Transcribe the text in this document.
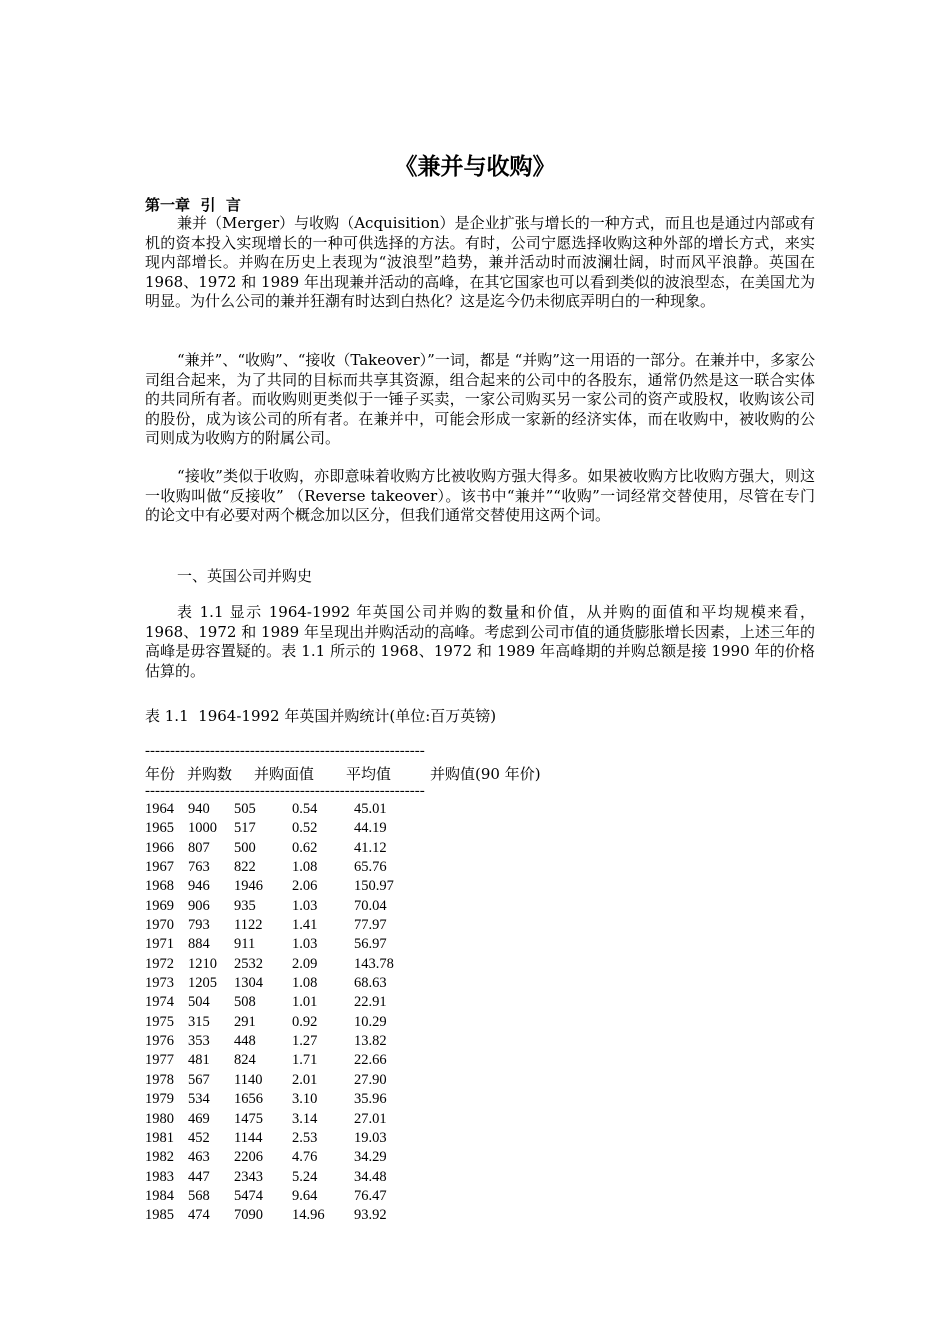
《兼并与收购》
第一章  引  言

兼并（Merger）与收购（Acquisition）是企业扩张与增长的一种方式，而且也是通过内部或有机的资本投入实现增长的一种可供选择的方法。有时，公司宁愿选择收购这种外部的增长方式，来实现内部增长。并购在历史上表现为“波浪型”趋势，兼并活动时而波澜壮阔，时而风平浪静。英国在 1968、1972 和 1989 年出现兼并活动的高峰，在其它国家也可以看到类似的波浪型态，在美国尤为明显。为什么公司的兼并狂潮有时达到白热化？这是迄今仍未彻底弄明白的一种现象。

“兼并”、“收购”、“接收（Takeover）”一词，都是 “并购”这一用语的一部分。在兼并中，多家公司组合起来，为了共同的目标而共享其资源，组合起来的公司中的各股东，通常仍然是这一联合实体的共同所有者。而收购则更类似于一锤子买卖，一家公司购买另一家公司的资产或股权，收购该公司的股份，成为该公司的所有者。在兼并中，可能会形成一家新的经济实体，而在收购中，被收购的公司则成为收购方的附属公司。

“接收”类似于收购，亦即意味着收购方比被收购方强大得多。如果被收购方比收购方强大，则这一收购叫做“反接收” （Reverse takeover）。该书中“兼并”“收购”一词经常交替使用，尽管在专门的论文中有必要对两个概念加以区分，但我们通常交替使用这两个词。

一、英国公司并购史

表 1.1 显示 1964-1992 年英国公司并购的数量和价值，从并购的面值和平均规模来看，1968、1972 和 1989 年呈现出并购活动的高峰。考虑到公司市值的通货膨胀增长因素，上述三年的高峰是毋容置疑的。表 1.1 所示的 1968、1972 和 1989 年高峰期的并购总额是接 1990 年的价格估算的。

表 1.1  1964-1992 年英国并购统计(单位:百万英镑)
--------------------------------------------------------
年份 并购数 并购面值 平均值	并购值(90 年价)
--------------------------------------------------------
1964 940 505	0.54	45.01
1965 1000 517	0.52	44.19
1966 807 500	0.62	41.12
1967 763 822	1.08	65.76
1968 946 1946 2.06	150.97
1969 906 935	1.03	70.04
1970 793 1122 1.41	77.97
1971 884 911	1.03	56.97
1972 1210 2532 2.09	143.78
1973 1205 1304 1.08	68.63
1974 504 508	1.01	22.91
1975 315 291	0.92	10.29
1976 353 448	1.27	13.82
1977 481 824	1.71	22.66
1978 567 1140 2.01	27.90
1979 534 1656 3.10	35.96
1980 469 1475 3.14	27.01
1981 452 1144 2.53	19.03
1982 463 2206 4.76	34.29
1983 447 2343 5.24	34.48
1984 568 5474 9.64	76.47
1985 474 7090 14.96 93.92
